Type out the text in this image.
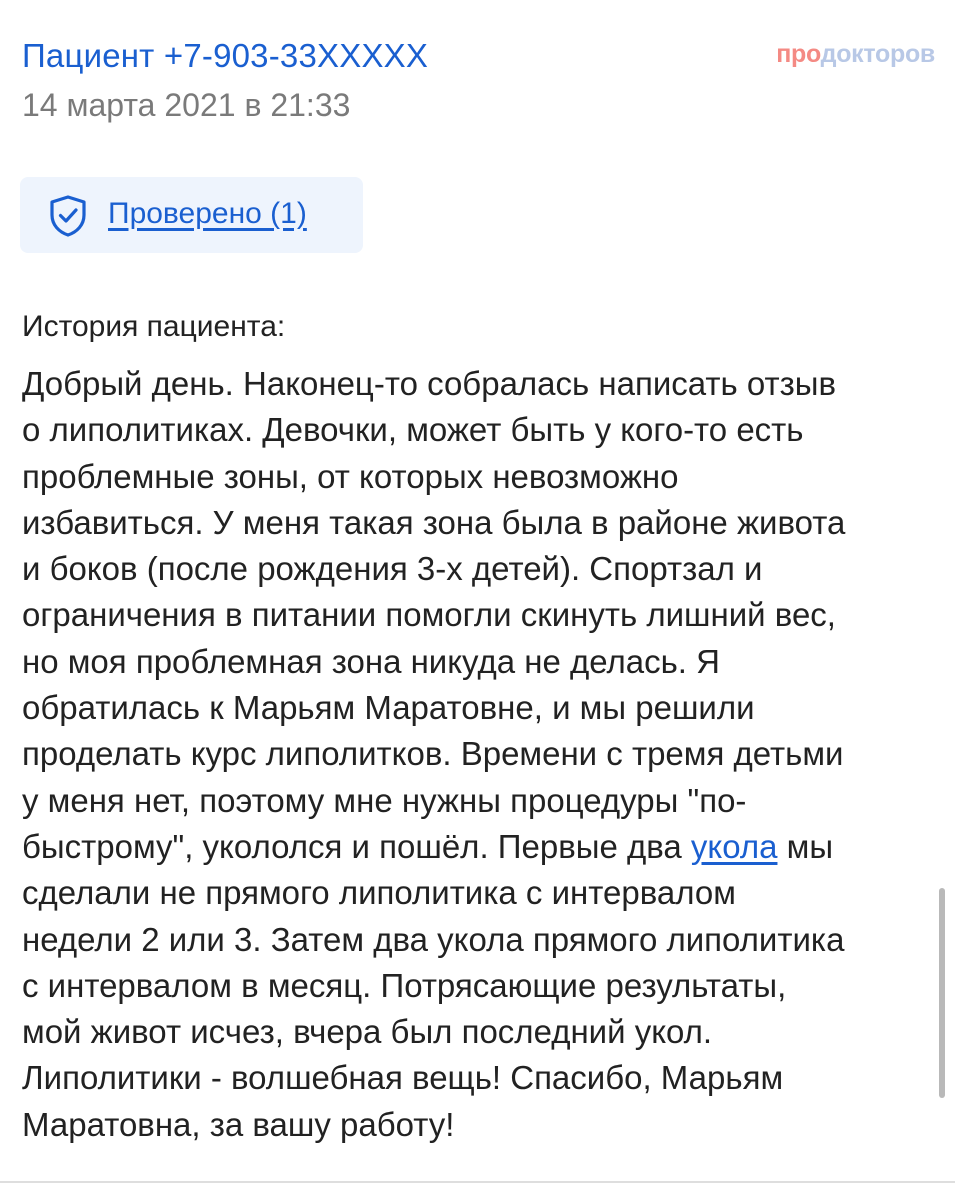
Пациент +7-903-33XXXXX	продокторов
14 марта 2021 в 21:33
Проверено (1)
История пациента:
Добрый день. Наконец-то собралась написать отзыв
о липолитиках. Девочки, может быть у кого-то есть
проблемные зоны, от которых невозможно
избавиться. У меня такая зона была в районе живота
и боков (после рождения 3-х детей). Спортзал и
ограничения в питании помогли скинуть лишний вес,
но моя проблемная зона никуда не делась. Я
обратилась к Марьям Маратовне, и мы решили
проделать курс липолитков. Времени с тремя детьми
у меня нет, поэтому мне нужны процедуры "по-
быстрому", укололся и пошёл. Первые два укола мы
сделали не прямого липолитика с интервалом
недели 2 или 3. Затем два укола прямого липолитика
с интервалом в месяц. Потрясающие результаты,
мой живот исчез, вчера был последний укол.
Липолитики - волшебная вещь! Спасибо, Марьям
Маратовна, за вашу работу!
